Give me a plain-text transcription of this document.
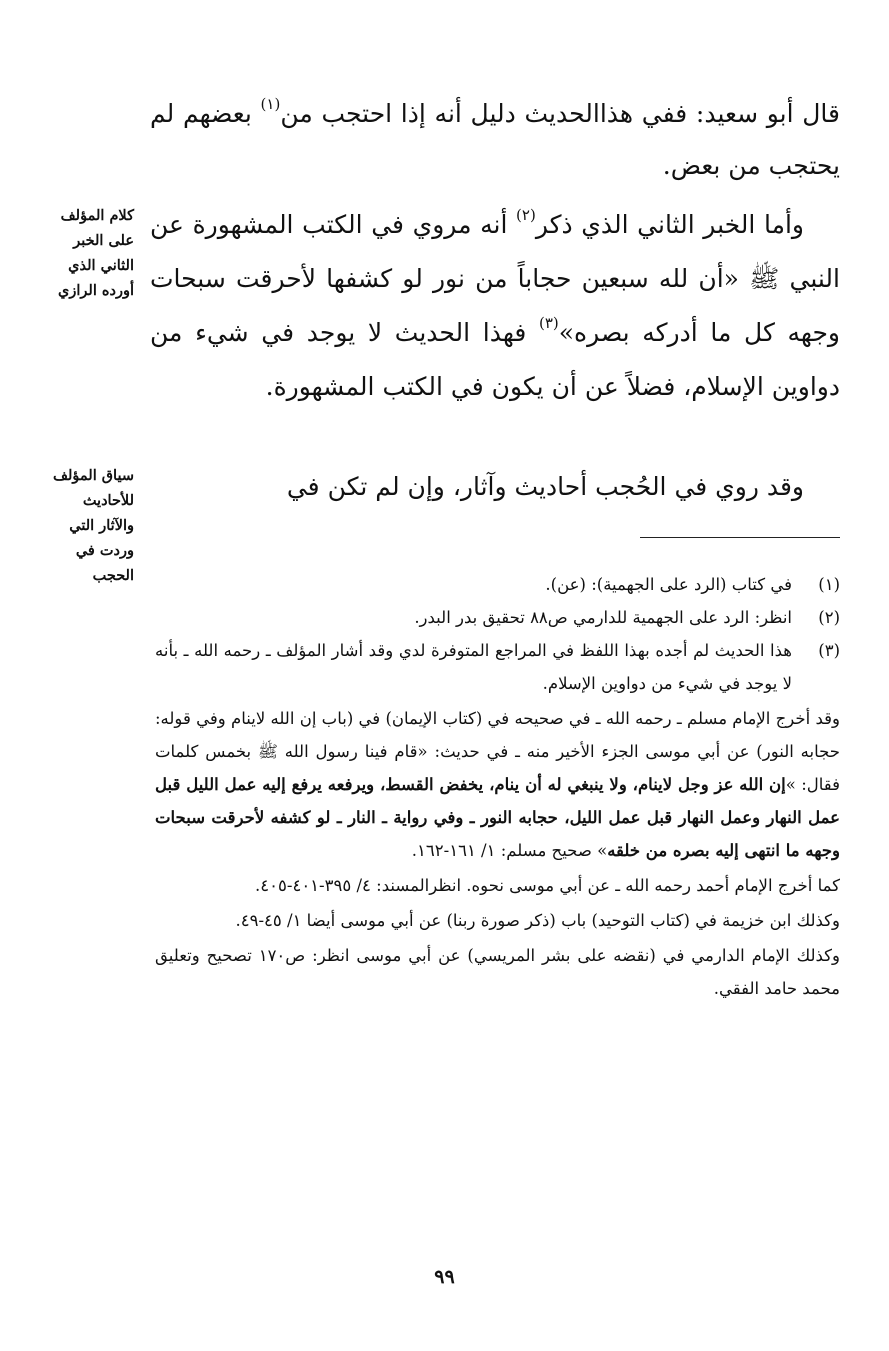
قال أبو سعيد: ففي هذاالحديث دليل أنه إذا احتجب من$^{(١)}$ بعضهم لم يحتجب من بعض.

وأما الخبر الثاني الذي ذكر$^{(٢)}$ أنه مروي في الكتب المشهورة عن النبي ﷺ «أن لله سبعين حجاباً من نور لو كشفها لأحرقت سبحات وجهه كل ما أدركه بصره»$^{(٣)}$ فهذا الحديث لا يوجد في شيء من دواوين الإسلام، فضلاً عن أن يكون في الكتب المشهورة.

وقد روي في الحُجب أحاديث وآثار، وإن لم تكن في

كلام المؤلف
على الخبر
الثاني الذي
أورده الرازي
سياق المؤلف
للأحاديث
والآثار التي
وردت في
الحجب	(١)
في كتاب (الرد على الجهمية): (عن).
(٢)
انظر: الرد على الجهمية للدارمي ص٨٨ تحقيق بدر البدر.
(٣)
هذا الحديث لم أجده بهذا اللفظ في المراجع المتوفرة لدي وقد أشار المؤلف ـ رحمه الله ـ بأنه لا يوجد في شيء من دواوين الإسلام.

وقد أخرج الإمام مسلم ـ رحمه الله ـ في صحيحه في (كتاب الإيمان) في (باب إن الله لاينام وفي قوله: حجابه النور) عن أبي موسى الجزء الأخير منه ـ في حديث: «قام فينا رسول الله ﷺ بخمس كلمات فقال: »إن الله عز وجل لاينام، ولا ينبغي له أن ينام، يخفض القسط، ويرفعه يرفع إليه عمل الليل قبل عمل النهار وعمل النهار قبل عمل الليل، حجابه النور ـ وفي رواية ـ النار ـ لو كشفه لأحرقت سبحات وجهه ما انتهى إليه بصره من خلقه» صحيح مسلم: ١/ ١٦١-١٦٢.

كما أخرج الإمام أحمد رحمه الله ـ عن أبي موسى نحوه. انظرالمسند: ٤/ ٣٩٥-٤٠١-٤٠٥.

وكذلك ابن خزيمة في (كتاب التوحيد) باب (ذكر صورة ربنا) عن أبي موسى أيضا ١/ ٤٥-٤٩.

وكذلك الإمام الدارمي في (نقضه على بشر المريسي) عن أبي موسى انظر: ص١٧٠ تصحيح وتعليق محمد حامد الفقي.

٩٩
